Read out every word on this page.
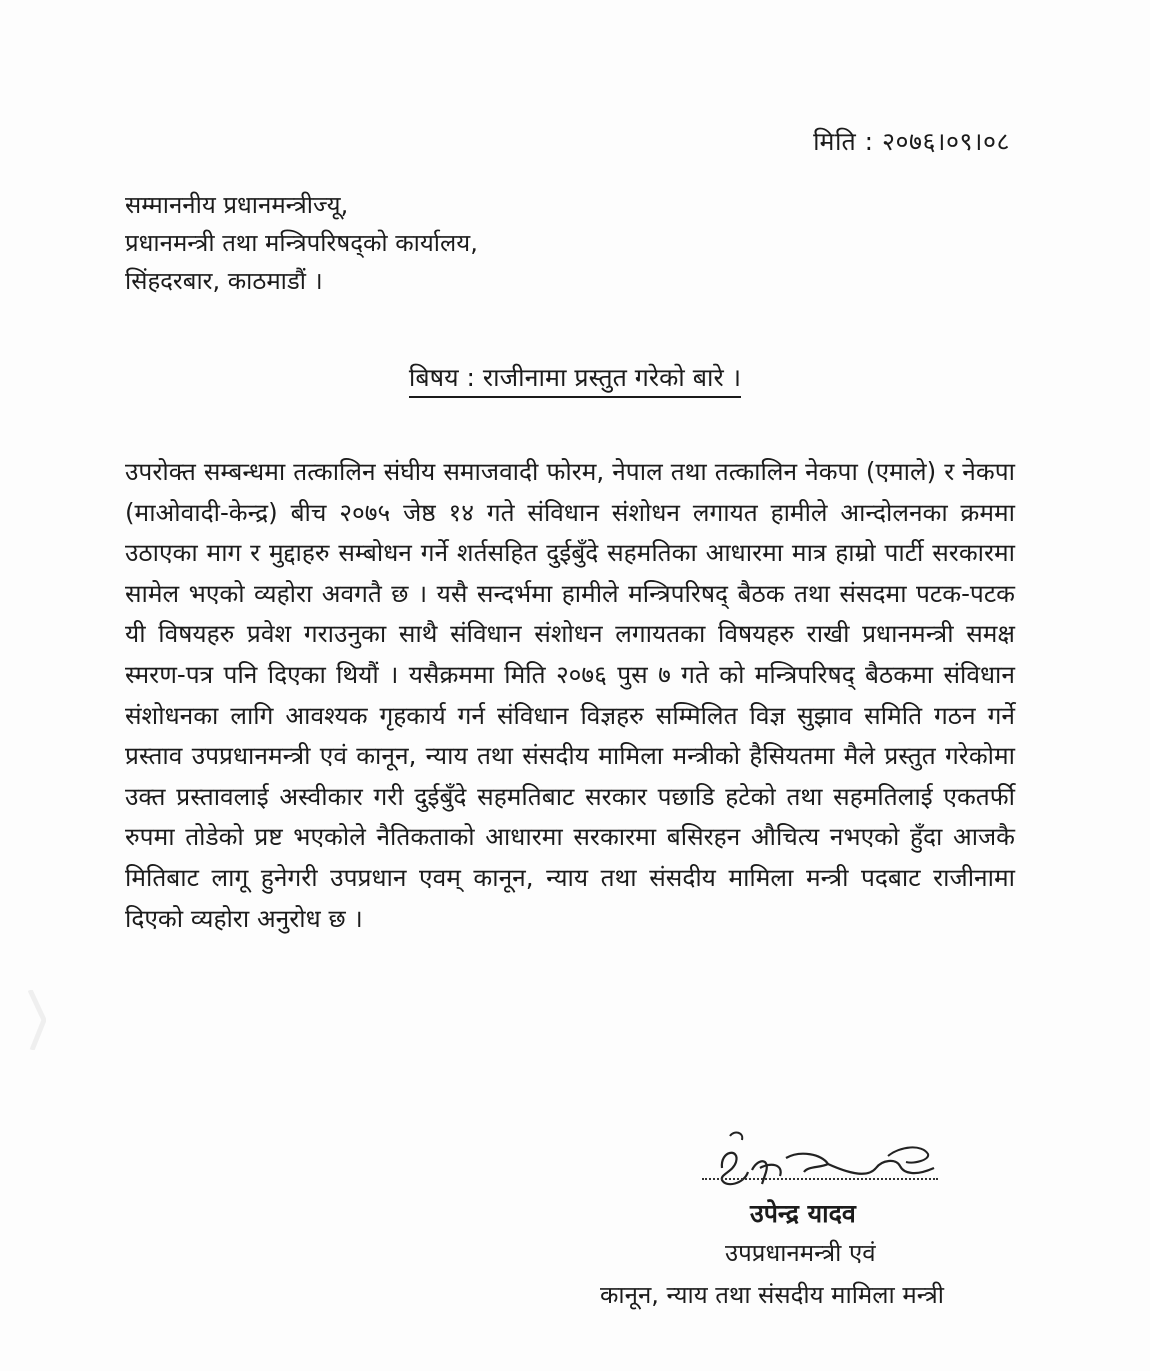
मिति : २०७६।०९।०८
सम्माननीय प्रधानमन्त्रीज्यू,
प्रधानमन्त्री तथा मन्त्रिपरिषद्को कार्यालय,
सिंहदरबार, काठमाडौं ।
बिषय : राजीनामा प्रस्तुत गरेको बारे ।
उपरोक्त सम्बन्धमा तत्कालिन संघीय समाजवादी फोरम, नेपाल तथा तत्कालिन नेकपा (एमाले) र नेकपा (माओवादी-केन्द्र) बीच २०७५ जेष्ठ १४ गते संविधान संशोधन लगायत हामीले आन्दोलनका क्रममा उठाएका माग र मुद्दाहरु सम्बोधन गर्ने शर्तसहित दुईबुँदे सहमतिका आधारमा मात्र हाम्रो पार्टी सरकारमा सामेल भएको व्यहोरा अवगतै छ । यसै सन्दर्भमा हामीले मन्त्रिपरिषद् बैठक तथा संसदमा पटक-पटक यी विषयहरु प्रवेश गराउनुका साथै संविधान संशोधन लगायतका विषयहरु राखी प्रधानमन्त्री समक्ष स्मरण-पत्र पनि दिएका थियौं । यसैक्रममा मिति २०७६ पुस ७ गते को मन्त्रिपरिषद् बैठकमा संविधान संशोधनका लागि आवश्यक गृहकार्य गर्न संविधान विज्ञहरु सम्मिलित विज्ञ सुझाव समिति गठन गर्ने प्रस्ताव उपप्रधानमन्त्री एवं कानून, न्याय तथा संसदीय मामिला मन्त्रीको हैसियतमा मैले प्रस्तुत गरेकोमा उक्त प्रस्तावलाई अस्वीकार गरी दुईबुँदे सहमतिबाट सरकार पछाडि हटेको तथा सहमतिलाई एकतर्फी रुपमा तोडेको प्रष्ट भएकोले नैतिकताको आधारमा सरकारमा बसिरहन औचित्य नभएको हुँदा आजकै मितिबाट लागू हुनेगरी उपप्रधान एवम् कानून, न्याय तथा संसदीय मामिला मन्त्री पदबाट राजीनामा दिएको व्यहोरा अनुरोध छ ।
उपेन्द्र यादव
उपप्रधानमन्त्री एवं
कानून, न्याय तथा संसदीय मामिला मन्त्री
